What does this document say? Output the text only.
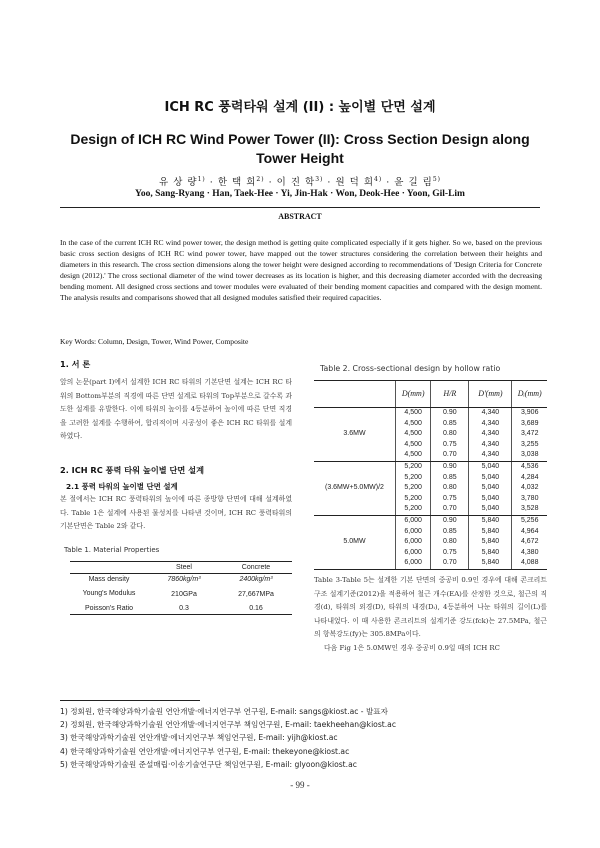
ICH RC 풍력타워 설계 (II) : 높이별 단면 설계
Design of ICH RC Wind Power Tower (II): Cross Section Design along Tower Height
유 상 량$^{1)}$ · 한 택 희$^{2)}$ · 이 진 학$^{3)}$ · 원 덕 희$^{4)}$ · 윤 길 림$^{5)}$
Yoo, Sang-Ryang · Han, Taek-Hee · Yi, Jin-Hak · Won, Deok-Hee · Yoon, Gil-Lim
ABSTRACT
In the case of the current ICH RC wind power tower, the design method is getting quite complicated especially if it gets higher. So we, based on the previous basic cross section designs of ICH RC wind power tower, have mapped out the tower structures considering the correlation between their heights and diameters in this research. The cross section dimensions along the tower height were designed according to recommendations of 'Design Criteria for Concrete design (2012).' The cross sectional diameter of the wind tower decreases as its location is higher, and this decreasing diameter accorded with the decreasing bending moment. All designed cross sections and tower modules were evaluated of their bending moment capacities and compared with the design moment. The analysis results and comparisons showed that all designed modules satisfied their required capacities.
Key Words: Column, Design, Tower, Wind Power, Composite
1. 서 론
앞의 논문(part I)에서 설계한 ICH RC 타워의 기본단면 설계는 ICH RC 타워의 Bottom부분의 직경에 따른 단면 설계로 타워의 Top부분으로 갈수록 과도한 설계를 유발한다. 이에 타워의 높이를 4등분하여 높이에 따른 단면 직경을 고려한 설계를 수행하여, 합리적이며 시공성이 좋은 ICH RC 타워를 설계하였다.
2. ICH RC 풍력 타워 높이별 단면 설계
2.1 풍력 타워의 높이별 단면 설계
본 절에서는 ICH RC 풍력타워의 높이에 따른 종방향 단면에 대해 설계하였다. Table 1은 설계에 사용된 물성치를 나타낸 것이며, ICH RC 풍력타워의 기본단면은 Table 2와 같다.
Table 1. Material Properties
	Steel	Concrete
Mass density	7860kg/m³	2400kg/m³
Young's Modulus	210GPa	27,667MPa
Poisson's Ratio	0.3	0.16
Table 2. Cross-sectional design by hollow ratio
	D(mm)	H/R	D'(mm)	Dᵢ(mm)
3.6MW	4,500	0.90	4,340	3,906
	4,500	0.85	4,340	3,689
	4,500	0.80	4,340	3,472
	4,500	0.75	4,340	3,255
	4,500	0.70	4,340	3,038
(3.6MW+5.0MW)/2	5,200	0.90	5,040	4,536
	5,200	0.85	5,040	4,284
	5,200	0.80	5,040	4,032
	5,200	0.75	5,040	3,780
	5,200	0.70	5,040	3,528
5.0MW	6,000	0.90	5,840	5,256
	6,000	0.85	5,840	4,964
	6,000	0.80	5,840	4,672
	6,000	0.75	5,840	4,380
	6,000	0.70	5,840	4,088
Table 3-Table 5는 설계한 기본 단면의 중공비 0.9인 경우에 대해 콘크리트 구조 설계기준(2012)을 적용하여 철근 개수(EA)를 산정한 것으로, 철근의 직경(d), 타워의 외경(D), 타워의 내경(Dᵢ), 4등분하여 나눈 타워의 길이(L)를 나타내었다. 이 때 사용한 콘크리트의 설계기준 강도(fck)는 27.5MPa, 철근의 항복강도(fy)는 305.8MPa이다.
다음 Fig 1은 5.0MW인 경우 중공비 0.9일 때의 ICH RC
1) 정회원, 한국해양과학기술원 연안개발·에너지연구부 연구원, E-mail: sangs@kiost.ac - 발표자
2) 정회원, 한국해양과학기술원 연안개발·에너지연구부 책임연구원, E-mail: taekheehan@kiost.ac
3) 한국해양과학기술원 연안개발·에너지연구부 책임연구원, E-mail: yijh@kiost.ac
4) 한국해양과학기술원 연안개발·에너지연구부 연구원, E-mail: thekeyone@kiost.ac
5) 한국해양과학기술원 준설매립·이송기술연구단 책임연구원, E-mail: glyoon@kiost.ac
- 99 -
